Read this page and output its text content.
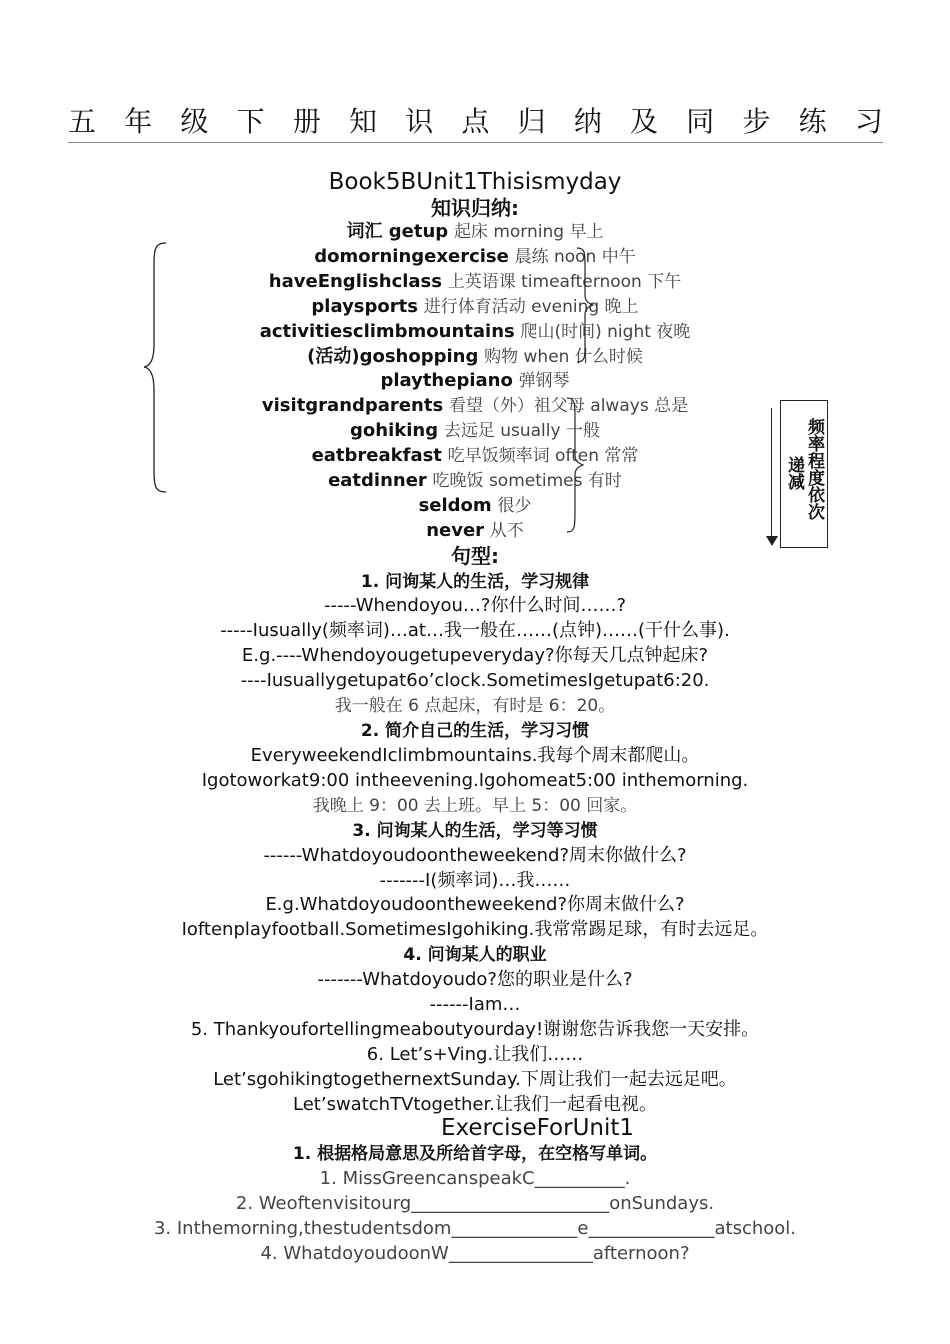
五 年 级 下 册 知 识 点 归 纳 及 同 步 练 习
Book5BUnit1Thisismyday
知识归纳:
词汇 getup 起床 morning 早上
domorningexercise 晨练 noon 中午
haveEnglishclass 上英语课 timeafternoon 下午
playsports 进行体育活动 evening 晚上
activitiesclimbmountains 爬山(时间) night 夜晚
(活动)goshopping 购物 when 什么时候
playthepiano 弹钢琴
visitgrandparents 看望（外）祖父母 always 总是
gohiking 去远足 usually 一般
eatbreakfast 吃早饭频率词 often 常常
eatdinner 吃晚饭 sometimes 有时
seldom 很少
never 从不
频率程度依次
递减
句型:
1. 问询某人的生活，学习规律
-----Whendoyou…?你什么时间……?
-----Iusually(频率词)…at…我一般在……(点钟)……(干什么事).
E.g.----Whendoyougetupeveryday?你每天几点钟起床?
----Iusuallygetupat6o’clock.SometimesIgetupat6:20.
我一般在 6 点起床，有时是 6：20。
2. 简介自己的生活，学习习惯
EveryweekendIclimbmountains.我每个周末都爬山。
Igotoworkat9:00 intheevening.Igohomeat5:00 inthemorning.
我晚上 9：00 去上班。早上 5：00 回家。
3. 问询某人的生活，学习等习惯
------Whatdoyoudoontheweekend?周末你做什么?
-------I(频率词)…我……
E.g.Whatdoyoudoontheweekend?你周末做什么?
Ioftenplayfootball.SometimesIgohiking.我常常踢足球，有时去远足。
4. 问询某人的职业
-------Whatdoyoudo?您的职业是什么?
------Iam…
5. Thankyoufortellingmeaboutyourday!谢谢您告诉我您一天安排。
6. Let’s+Ving.让我们……
Let’sgohikingtogethernextSunday.下周让我们一起去远足吧。
Let’swatchTVtogether.让我们一起看电视。
ExerciseForUnit1
1. 根据格局意思及所给首字母，在空格写单词。
1. MissGreencanspeakC__________.
2. Weoftenvisitourg______________________onSundays.
3. Inthemorning,thestudentsdom______________e______________atschool.
4. WhatdoyoudoonW________________afternoon?
